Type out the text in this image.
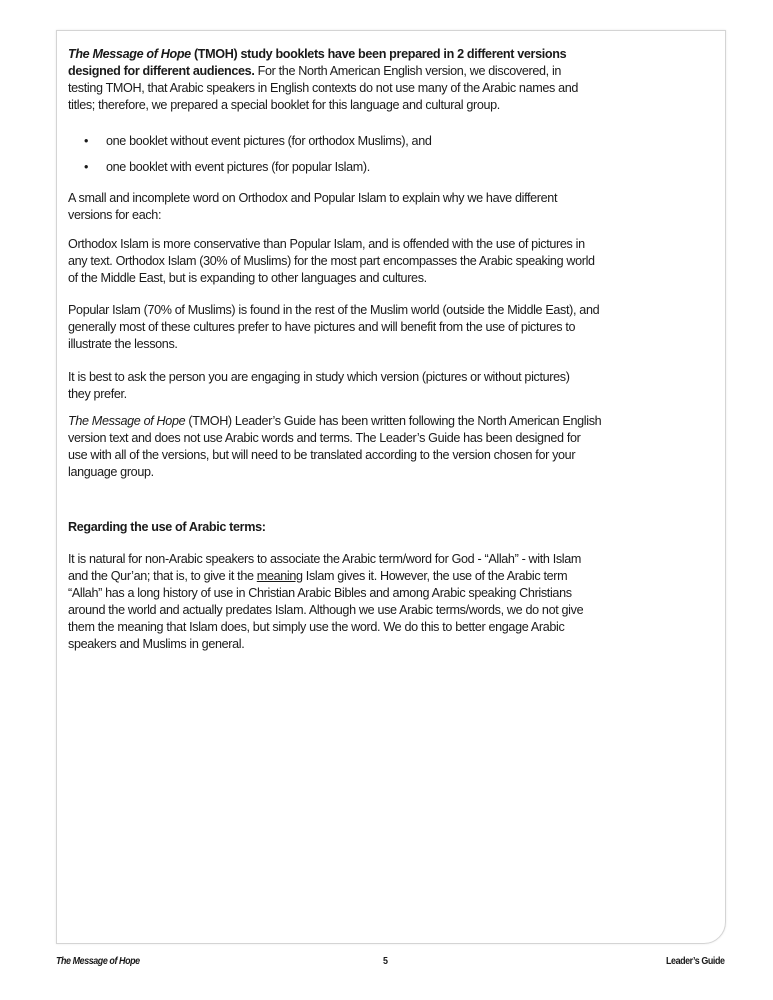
The Message of Hope (TMOH) study booklets have been prepared in 2 different versions
designed for different audiences. For the North American English version, we discovered, in
testing TMOH, that Arabic speakers in English contexts do not use many of the Arabic names and
titles; therefore, we prepared a special booklet for this language and cultural group.
• one booklet without event pictures (for orthodox Muslims), and
• one booklet with event pictures (for popular Islam).
A small and incomplete word on Orthodox and Popular Islam to explain why we have different
versions for each:
Orthodox Islam is more conservative than Popular Islam, and is offended with the use of pictures in
any text. Orthodox Islam (30% of Muslims) for the most part encompasses the Arabic speaking world
of the Middle East, but is expanding to other languages and cultures.
Popular Islam (70% of Muslims) is found in the rest of the Muslim world (outside the Middle East), and
generally most of these cultures prefer to have pictures and will benefit from the use of pictures to
illustrate the lessons.
It is best to ask the person you are engaging in study which version (pictures or without pictures)
they prefer.
The Message of Hope (TMOH) Leader’s Guide has been written following the North American English
version text and does not use Arabic words and terms. The Leader’s Guide has been designed for
use with all of the versions, but will need to be translated according to the version chosen for your
language group.
Regarding the use of Arabic terms:
It is natural for non-Arabic speakers to associate the Arabic term/word for God - “Allah” - with Islam
and the Qur’an; that is, to give it the meaning Islam gives it. However, the use of the Arabic term
“Allah” has a long history of use in Christian Arabic Bibles and among Arabic speaking Christians
around the world and actually predates Islam. Although we use Arabic terms/words, we do not give
them the meaning that Islam does, but simply use the word. We do this to better engage Arabic
speakers and Muslims in general.
The Message of Hope	5	Leader’s Guide
